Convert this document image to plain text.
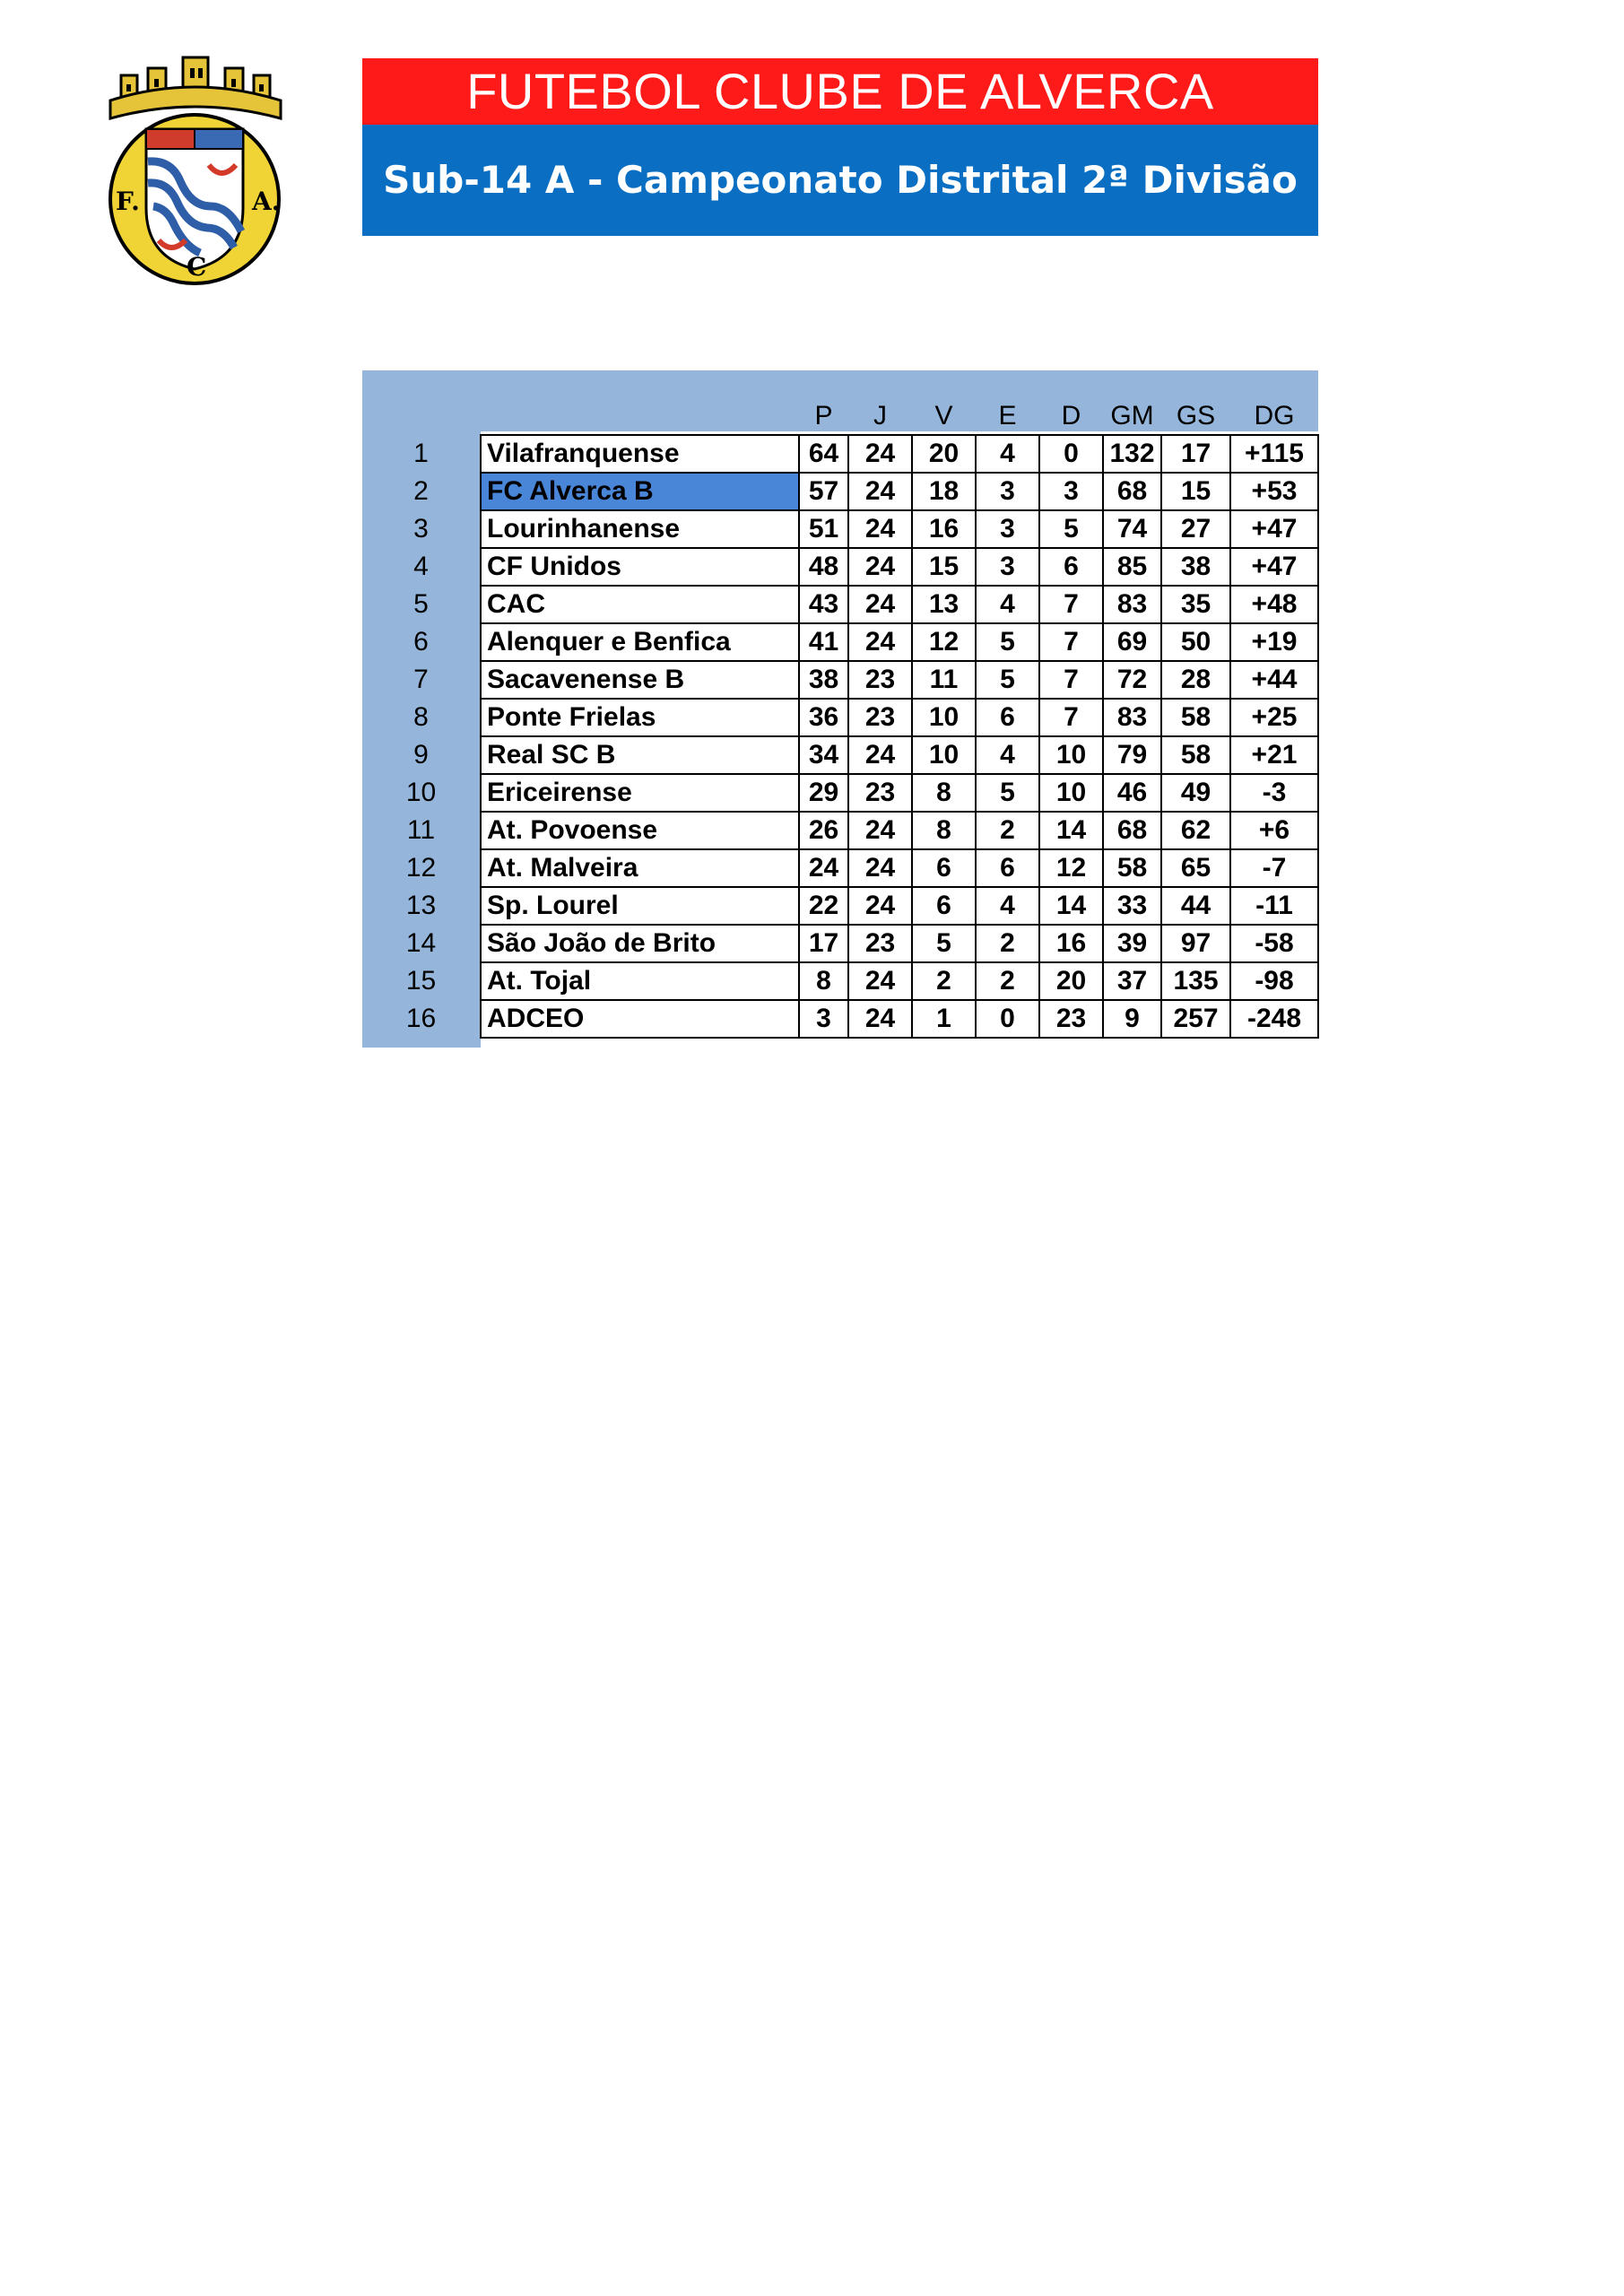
F.
C
A.
FUTEBOL CLUBE DE ALVERCA
Sub-14 A - Campeonato Distrital 2ª Divisão
		P	J	V	E	D	GM	GS	DG
1	Vilafranquense	64	24	20	4	0	132	17	+115
2	FC Alverca B	57	24	18	3	3	68	15	+53
3	Lourinhanense	51	24	16	3	5	74	27	+47
4	CF Unidos	48	24	15	3	6	85	38	+47
5	CAC	43	24	13	4	7	83	35	+48
6	Alenquer e Benfica	41	24	12	5	7	69	50	+19
7	Sacavenense B	38	23	11	5	7	72	28	+44
8	Ponte Frielas	36	23	10	6	7	83	58	+25
9	Real SC B	34	24	10	4	10	79	58	+21
10	Ericeirense	29	23	8	5	10	46	49	-3
11	At. Povoense	26	24	8	2	14	68	62	+6
12	At. Malveira	24	24	6	6	12	58	65	-7
13	Sp. Lourel	22	24	6	4	14	33	44	-11
14	São João de Brito	17	23	5	2	16	39	97	-58
15	At. Tojal	8	24	2	2	20	37	135	-98
16	ADCEO	3	24	1	0	23	9	257	-248
